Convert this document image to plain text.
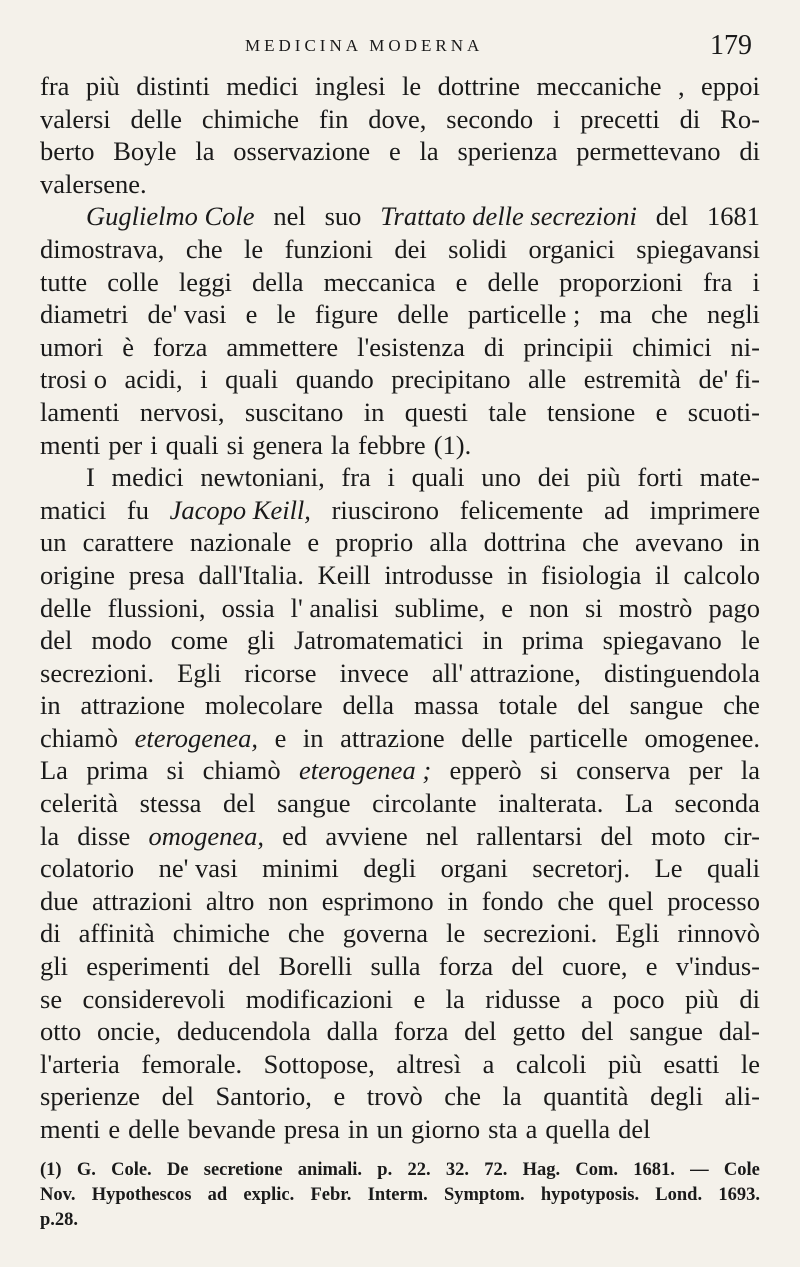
MEDICINA MODERNA	179
fra più distinti medici inglesi le dottrine meccaniche , eppoi
valersi delle chimiche fin dove, secondo i precetti di Ro-
berto Boyle la osservazione e la sperienza permettevano di
valersene.
Guglielmo Cole nel suo Trattato delle secrezioni del 1681
dimostrava, che le funzioni dei solidi organici spiegavansi
tutte colle leggi della meccanica e delle proporzioni fra i
diametri de' vasi e le figure delle particelle ; ma che negli
umori è forza ammettere l'esistenza di principii chimici ni-
trosi o acidi, i quali quando precipitano alle estremità de' fi-
lamenti nervosi, suscitano in questi tale tensione e scuoti-
menti per i quali si genera la febbre (1).
I medici newtoniani, fra i quali uno dei più forti mate-
matici fu Jacopo Keill, riuscirono felicemente ad imprimere
un carattere nazionale e proprio alla dottrina che avevano in
origine presa dall'Italia. Keill introdusse in fisiologia il calcolo
delle flussioni, ossia l' analisi sublime, e non si mostrò pago
del modo come gli Jatromatematici in prima spiegavano le
secrezioni. Egli ricorse invece all' attrazione, distinguendola
in attrazione molecolare della massa totale del sangue che
chiamò eterogenea, e in attrazione delle particelle omogenee.
La prima si chiamò eterogenea ; epperò si conserva per la
celerità stessa del sangue circolante inalterata. La seconda
la disse omogenea, ed avviene nel rallentarsi del moto cir-
colatorio ne' vasi minimi degli organi secretorj. Le quali
due attrazioni altro non esprimono in fondo che quel processo
di affinità chimiche che governa le secrezioni. Egli rinnovò
gli esperimenti del Borelli sulla forza del cuore, e v'indus-
se considerevoli modificazioni e la ridusse a poco più di
otto oncie, deducendola dalla forza del getto del sangue dal-
l'arteria femorale. Sottopose, altresì a calcoli più esatti le
sperienze del Santorio, e trovò che la quantità degli ali-
menti e delle bevande presa in un giorno sta a quella del
(1) G. Cole. De secretione animali. p. 22. 32. 72. Hag. Com. 1681. — Cole
Nov. Hypothescos ad explic. Febr. Interm. Symptom. hypotyposis. Lond. 1693.
p. 28.
